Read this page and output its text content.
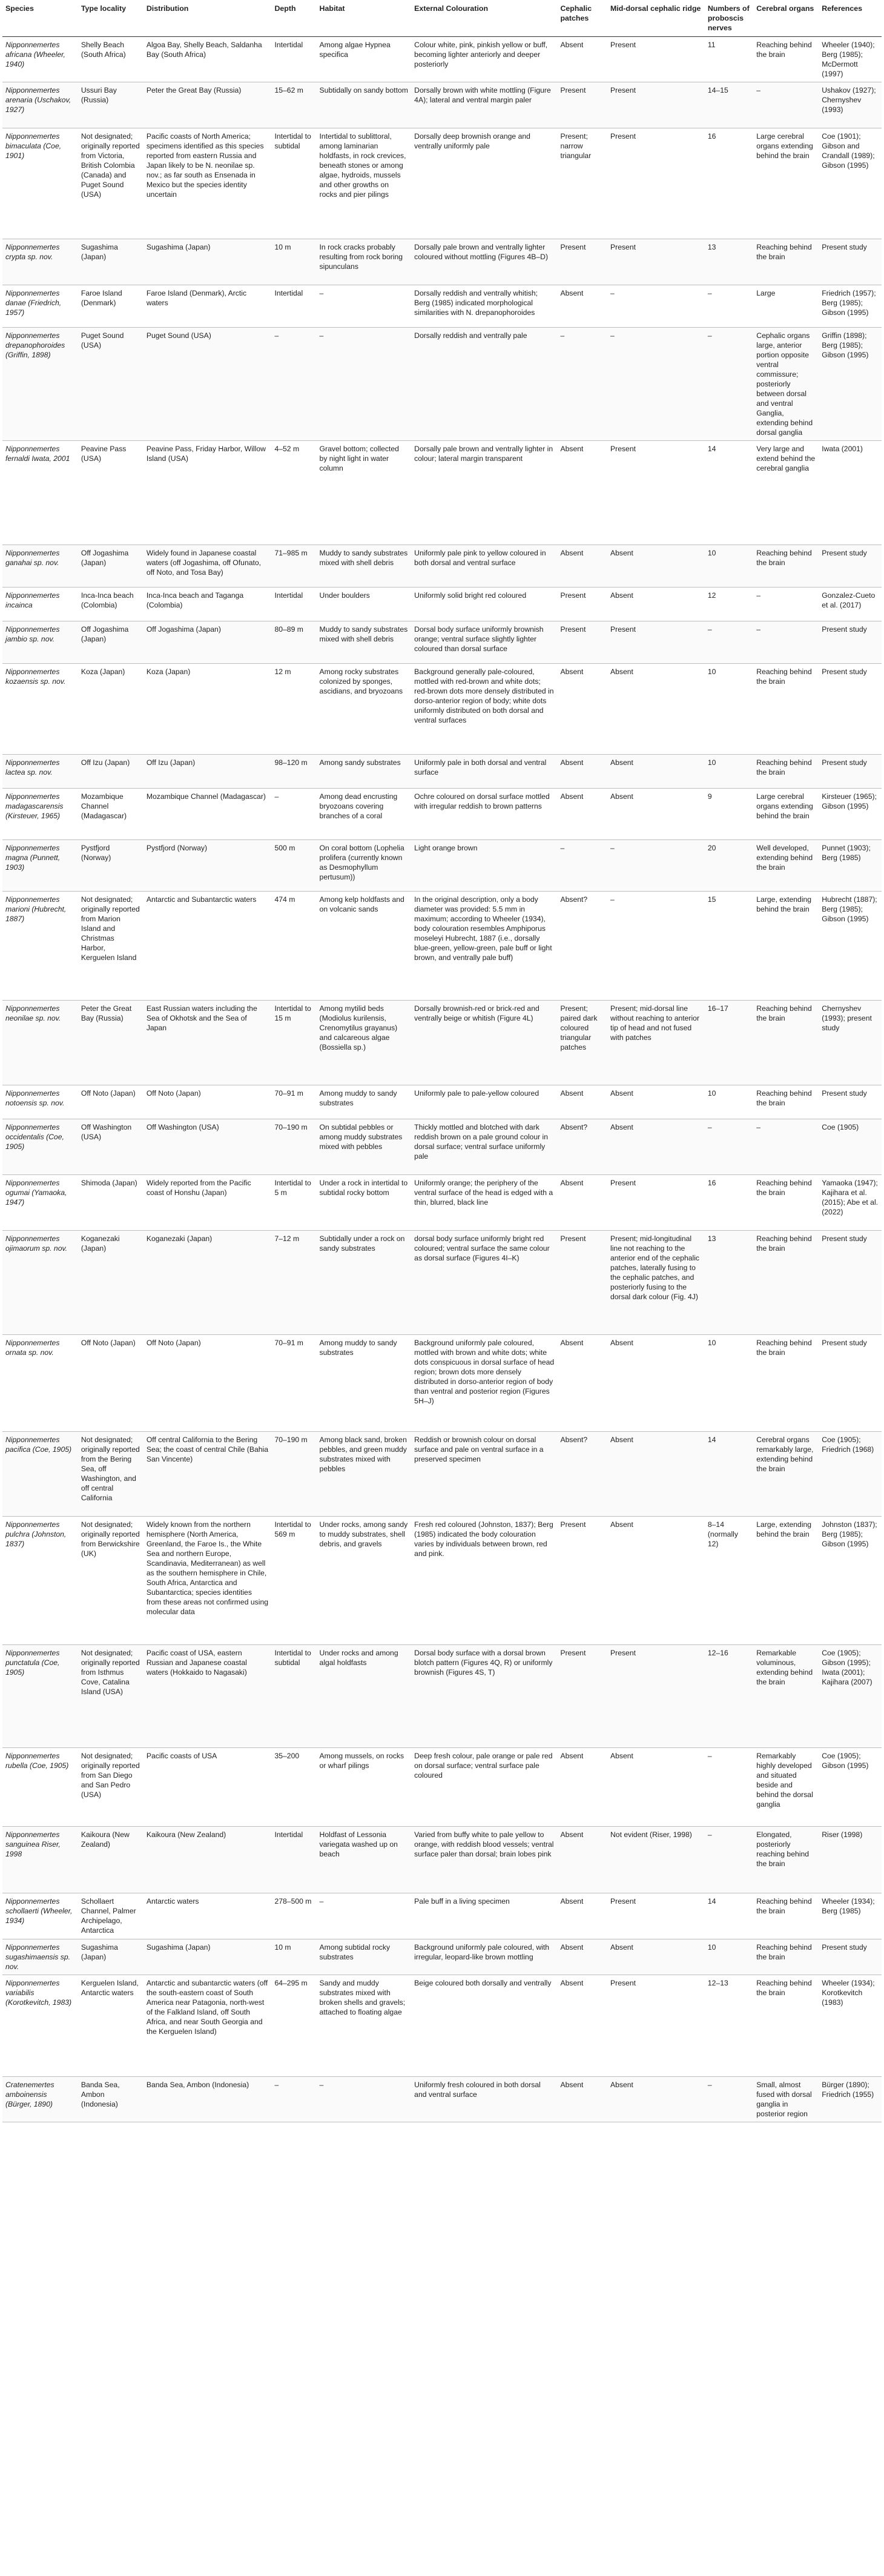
Species	Type locality	Distribution	Depth	Habitat	External Colouration	Cephalic patches	Mid-dorsal cephalic ridge	Numbers of proboscis nerves	Cerebral organs	References
Nipponnemertes africana (Wheeler, 1940)	Shelly Beach (South Africa)	Algoa Bay, Shelly Beach, Saldanha Bay (South Africa)	Intertidal	Among algae Hypnea specifica	Colour white, pink, pinkish yellow or buff, becoming lighter anteriorly and deeper posteriorly	Absent	Present	11	Reaching behind the brain	Wheeler (1940); Berg (1985); McDermott (1997)
Nipponnemertes arenaria (Uschakov, 1927)	Ussuri Bay (Russia)	Peter the Great Bay (Russia)	15–62 m	Subtidally on sandy bottom	Dorsally brown with white mottling (Figure 4A); lateral and ventral margin paler	Present	Present	14–15	–	Ushakov (1927); Chernyshev (1993)
Nipponnemertes bimaculata (Coe, 1901)	Not designated; originally reported from Victoria, British Colombia (Canada) and Puget Sound (USA)	Pacific coasts of North America; specimens identified as this species reported from eastern Russia and Japan likely to be N. neonilae sp. nov.; as far south as Ensenada in Mexico but the species identity uncertain	Intertidal to subtidal	Intertidal to sublittoral, among laminarian holdfasts, in rock crevices, beneath stones or among algae, hydroids, mussels and other growths on rocks and pier pilings	Dorsally deep brownish orange and ventrally uniformly pale	Present; narrow triangular	Present	16	Large cerebral organs extending behind the brain	Coe (1901); Gibson and Crandall (1989); Gibson (1995)
Nipponnemertes crypta sp. nov.	Sugashima (Japan)	Sugashima (Japan)	10 m	In rock cracks probably resulting from rock boring sipunculans	Dorsally pale brown and ventrally lighter coloured without mottling (Figures 4B–D)	Present	Present	13	Reaching behind the brain	Present study
Nipponnemertes danae (Friedrich, 1957)	Faroe Island (Denmark)	Faroe Island (Denmark), Arctic waters	Intertidal	–	Dorsally reddish and ventrally whitish; Berg (1985) indicated morphological similarities with N. drepanophoroides	Absent	–	–	Large	Friedrich (1957); Berg (1985); Gibson (1995)
Nipponnemertes drepanophoroides (Griffin, 1898)	Puget Sound (USA)	Puget Sound (USA)	–	–	Dorsally reddish and ventrally pale	–	–	–	Cephalic organs large, anterior portion opposite ventral commissure; posteriorly between dorsal and ventral Ganglia, extending behind dorsal ganglia	Griffin (1898); Berg (1985); Gibson (1995)
Nipponnemertes fernaldi Iwata, 2001	Peavine Pass (USA)	Peavine Pass, Friday Harbor, Willow Island (USA)	4–52 m	Gravel bottom; collected by night light in water column	Dorsally pale brown and ventrally lighter in colour; lateral margin transparent	Absent	Present	14	Very large and extend behind the cerebral ganglia	Iwata (2001)
Nipponnemertes ganahai sp. nov.	Off Jogashima (Japan)	Widely found in Japanese coastal waters (off Jogashima, off Ofunato, off Noto, and Tosa Bay)	71–985 m	Muddy to sandy substrates mixed with shell debris	Uniformly pale pink to yellow coloured in both dorsal and ventral surface	Absent	Absent	10	Reaching behind the brain	Present study
Nipponnemertes incainca	Inca-Inca beach (Colombia)	Inca-Inca beach and Taganga (Colombia)	Intertidal	Under boulders	Uniformly solid bright red coloured	Present	Absent	12	–	Gonzalez-Cueto et al. (2017)
Nipponnemertes jambio sp. nov.	Off Jogashima (Japan)	Off Jogashima (Japan)	80–89 m	Muddy to sandy substrates mixed with shell debris	Dorsal body surface uniformly brownish orange; ventral surface slightly lighter coloured than dorsal surface	Present	Present	–	–	Present study
Nipponnemertes kozaensis sp. nov.	Koza (Japan)	Koza (Japan)	12 m	Among rocky substrates colonized by sponges, ascidians, and bryozoans	Background generally pale-coloured, mottled with red-brown and white dots; red-brown dots more densely distributed in dorso-anterior region of body; white dots uniformly distributed on both dorsal and ventral surfaces	Absent	Absent	10	Reaching behind the brain	Present study
Nipponnemertes lactea sp. nov.	Off Izu (Japan)	Off Izu (Japan)	98–120 m	Among sandy substrates	Uniformly pale in both dorsal and ventral surface	Absent	Absent	10	Reaching behind the brain	Present study
Nipponnemertes madagascarensis (Kirsteuer, 1965)	Mozambique Channel (Madagascar)	Mozambique Channel (Madagascar)	–	Among dead encrusting bryozoans covering branches of a coral	Ochre coloured on dorsal surface mottled with irregular reddish to brown patterns	Absent	Absent	9	Large cerebral organs extending behind the brain	Kirsteuer (1965); Gibson (1995)
Nipponnemertes magna (Punnett, 1903)	Pystfjord (Norway)	Pystfjord (Norway)	500 m	On coral bottom (Lophelia prolifera (currently known as Desmophyllum pertusum))	Light orange brown	–	–	20	Well developed, extending behind the brain	Punnet (1903); Berg (1985)
Nipponnemertes marioni (Hubrecht, 1887)	Not designated; originally reported from Marion Island and Christmas Harbor, Kerguelen Island	Antarctic and Subantarctic waters	474 m	Among kelp holdfasts and on volcanic sands	In the original description, only a body diameter was provided: 5.5 mm in maximum; according to Wheeler (1934), body colouration resembles Amphiporus moseleyi Hubrecht, 1887 (i.e., dorsally blue-green, yellow-green, pale buff or light brown, and ventrally pale buff)	Absent?	–	15	Large, extending behind the brain	Hubrecht (1887); Berg (1985); Gibson (1995)
Nipponnemertes neonilae sp. nov.	Peter the Great Bay (Russia)	East Russian waters including the Sea of Okhotsk and the Sea of Japan	Intertidal to 15 m	Among mytilid beds (Modiolus kurilensis, Crenomytilus grayanus) and calcareous algae (Bossiella sp.)	Dorsally brownish-red or brick-red and ventrally beige or whitish (Figure 4L)	Present; paired dark coloured triangular patches	Present; mid-dorsal line without reaching to anterior tip of head and not fused with patches	16–17	Reaching behind the brain	Chernyshev (1993); present study
Nipponnemertes notoensis sp. nov.	Off Noto (Japan)	Off Noto (Japan)	70–91 m	Among muddy to sandy substrates	Uniformly pale to pale-yellow coloured	Absent	Absent	10	Reaching behind the brain	Present study
Nipponnemertes occidentalis (Coe, 1905)	Off Washington (USA)	Off Washington (USA)	70–190 m	On subtidal pebbles or among muddy substrates mixed with pebbles	Thickly mottled and blotched with dark reddish brown on a pale ground colour in dorsal surface; ventral surface uniformly pale	Absent?	Absent	–	–	Coe (1905)
Nipponnemertes ogumai (Yamaoka, 1947)	Shimoda (Japan)	Widely reported from the Pacific coast of Honshu (Japan)	Intertidal to 5 m	Under a rock in intertidal to subtidal rocky bottom	Uniformly orange; the periphery of the ventral surface of the head is edged with a thin, blurred, black line	Absent	Present	16	Reaching behind the brain	Yamaoka (1947); Kajihara et al. (2015); Abe et al. (2022)
Nipponnemertes ojimaorum sp. nov.	Koganezaki (Japan)	Koganezaki (Japan)	7–12 m	Subtidally under a rock on sandy substrates	dorsal body surface uniformly bright red coloured; ventral surface the same colour as dorsal surface (Figures 4I–K)	Present	Present; mid-longitudinal line not reaching to the anterior end of the cephalic patches, laterally fusing to the cephalic patches, and posteriorly fusing to the dorsal dark colour (Fig. 4J)	13	Reaching behind the brain	Present study
Nipponnemertes ornata sp. nov.	Off Noto (Japan)	Off Noto (Japan)	70–91 m	Among muddy to sandy substrates	Background uniformly pale coloured, mottled with brown and white dots; white dots conspicuous in dorsal surface of head region; brown dots more densely distributed in dorso-anterior region of body than ventral and posterior region (Figures 5H–J)	Absent	Absent	10	Reaching behind the brain	Present study
Nipponnemertes pacifica (Coe, 1905)	Not designated; originally reported from the Bering Sea, off Washington, and off central California	Off central California to the Bering Sea; the coast of central Chile (Bahia San Vincente)	70–190 m	Among black sand, broken pebbles, and green muddy substrates mixed with pebbles	Reddish or brownish colour on dorsal surface and pale on ventral surface in a preserved specimen	Absent?	Absent	14	Cerebral organs remarkably large, extending behind the brain	Coe (1905); Friedrich (1968)
Nipponnemertes pulchra (Johnston, 1837)	Not designated; originally reported from Berwickshire (UK)	Widely known from the northern hemisphere (North America, Greenland, the Faroe Is., the White Sea and northern Europe, Scandinavia, Mediterranean) as well as the southern hemisphere in Chile, South Africa, Antarctica and Subantarctica; species identities from these areas not confirmed using molecular data	Intertidal to 569 m	Under rocks, among sandy to muddy substrates, shell debris, and gravels	Fresh red coloured (Johnston, 1837); Berg (1985) indicated the body colouration varies by individuals between brown, red and pink.	Present	Absent	8–14 (normally 12)	Large, extending behind the brain	Johnston (1837); Berg (1985); Gibson (1995)
Nipponnemertes punctatula (Coe, 1905)	Not designated; originally reported from Isthmus Cove, Catalina Island (USA)	Pacific coast of USA, eastern Russian and Japanese coastal waters (Hokkaido to Nagasaki)	Intertidal to subtidal	Under rocks and among algal holdfasts	Dorsal body surface with a dorsal brown blotch pattern (Figures 4Q, R) or uniformly brownish (Figures 4S, T)	Present	Present	12–16	Remarkable voluminous, extending behind the brain	Coe (1905); Gibson (1995); Iwata (2001); Kajihara (2007)
Nipponnemertes rubella (Coe, 1905)	Not designated; originally reported from San Diego and San Pedro (USA)	Pacific coasts of USA	35–200	Among mussels, on rocks or wharf pilings	Deep fresh colour, pale orange or pale red on dorsal surface; ventral surface pale coloured	Absent	Absent	–	Remarkably highly developed and situated beside and behind the dorsal ganglia	Coe (1905); Gibson (1995)
Nipponnemertes sanguinea Riser, 1998	Kaikoura (New Zealand)	Kaikoura (New Zealand)	Intertidal	Holdfast of Lessonia variegata washed up on beach	Varied from buffy white to pale yellow to orange, with reddish blood vessels; ventral surface paler than dorsal; brain lobes pink	Absent	Not evident (Riser, 1998)	–	Elongated, posteriorly reaching behind the brain	Riser (1998)
Nipponnemertes schollaerti (Wheeler, 1934)	Schollaert Channel, Palmer Archipelago, Antarctica	Antarctic waters	278–500 m	–	Pale buff in a living specimen	Absent	Present	14	Reaching behind the brain	Wheeler (1934); Berg (1985)
Nipponnemertes sugashimaensis sp. nov.	Sugashima (Japan)	Sugashima (Japan)	10 m	Among subtidal rocky substrates	Background uniformly pale coloured, with irregular, leopard-like brown mottling	Absent	Absent	10	Reaching behind the brain	Present study
Nipponnemertes variabilis (Korotkevitch, 1983)	Kerguelen Island, Antarctic waters	Antarctic and subantarctic waters (off the south-eastern coast of South America near Patagonia, north-west of the Falkland Island, off South Africa, and near South Georgia and the Kerguelen Island)	64–295 m	Sandy and muddy substrates mixed with broken shells and gravels; attached to floating algae	Beige coloured both dorsally and ventrally	Absent	Present	12–13	Reaching behind the brain	Wheeler (1934); Korotkevitch (1983)
Cratenemertes amboinensis (Bürger, 1890)	Banda Sea, Ambon (Indonesia)	Banda Sea, Ambon (Indonesia)	–	–	Uniformly fresh coloured in both dorsal and ventral surface	Absent	Absent	–	Small, almost fused with dorsal ganglia in posterior region	Bürger (1890); Friedrich (1955)
